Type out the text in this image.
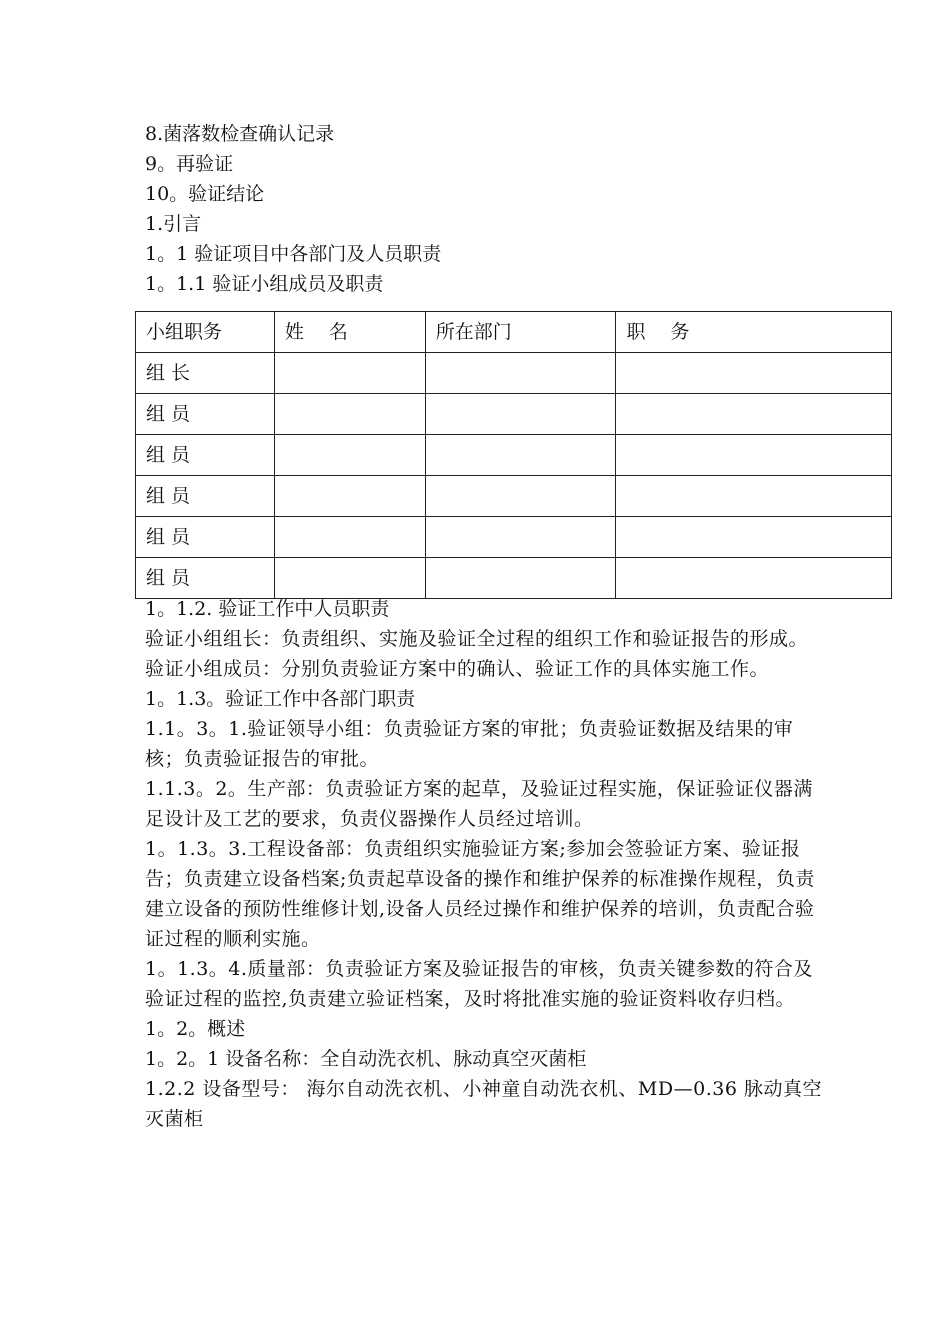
8.菌落数检查确认记录

9。再验证

10。验证结论

1.引言

1。1 验证项目中各部门及人员职责

1。1.1 验证小组成员及职责

小组职务	姓　 名	所在部门	职　 务
组 长			
组 员			
组 员			
组 员			
组 员			
组 员			

1。1.2. 验证工作中人员职责

验证小组组长：负责组织、实施及验证全过程的组织工作和验证报告的形成。

验证小组成员：分别负责验证方案中的确认、验证工作的具体实施工作。

1。1.3。验证工作中各部门职责

1.1。3。1.验证领导小组：负责验证方案的审批；负责验证数据及结果的审核；负责验证报告的审批。

1.1.3。2。生产部：负责验证方案的起草，及验证过程实施，保证验证仪器满足设计及工艺的要求，负责仪器操作人员经过培训。

1。1.3。3.工程设备部：负责组织实施验证方案;参加会签验证方案、验证报告；负责建立设备档案;负责起草设备的操作和维护保养的标准操作规程，负责建立设备的预防性维修计划,设备人员经过操作和维护保养的培训，负责配合验证过程的顺利实施。

1。1.3。4.质量部：负责验证方案及验证报告的审核，负责关键参数的符合及验证过程的监控,负责建立验证档案，及时将批准实施的验证资料收存归档。

1。2。概述

1。2。1 设备名称：全自动洗衣机、脉动真空灭菌柜

1.2.2 设备型号： 海尔自动洗衣机、小神童自动洗衣机、MD—0.36 脉动真空灭菌柜
